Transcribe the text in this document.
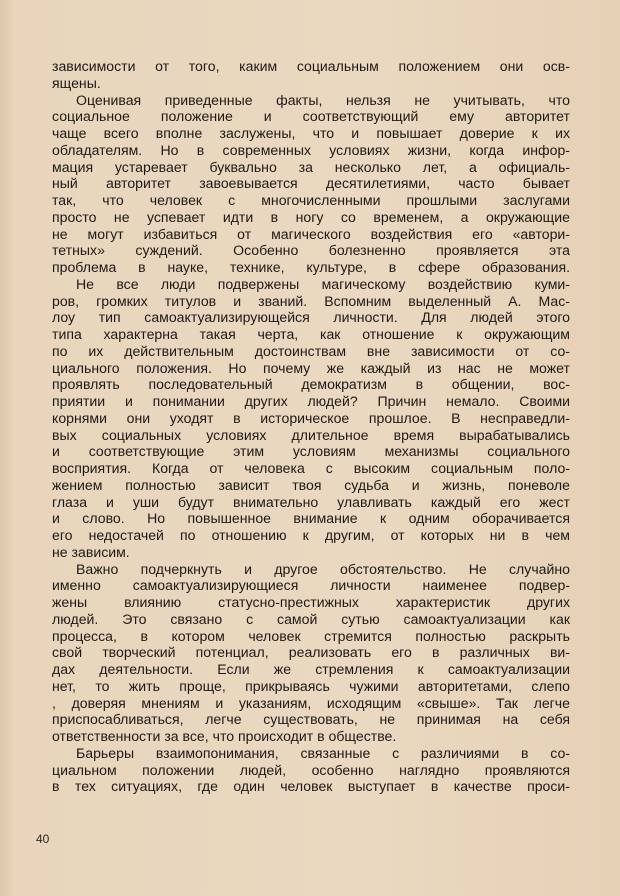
зависимости от того, каким социальным положением они осв-
ящены.
Оценивая приведенные факты, нельзя не учитывать, что
социальное положение и соответствующий ему авторитет
чаще всего вполне заслужены, что и повышает доверие к их
обладателям. Но в современных условиях жизни, когда инфор-
мация устаревает буквально за несколько лет, а официаль-
ный авторитет завоевывается десятилетиями, часто бывает
так, что человек с многочисленными прошлыми заслугами
просто не успевает идти в ногу со временем, а окружающие
не могут избавиться от магического воздействия его «автори-
тетных» суждений. Особенно болезненно проявляется эта
проблема в науке, технике, культуре, в сфере образования.
Не все люди подвержены магическому воздействию куми-
ров, громких титулов и званий. Вспомним выделенный А. Мас-
лоу тип самоактуализирующейся личности. Для людей этого
типа характерна такая черта, как отношение к окружающим
по их действительным достоинствам вне зависимости от со-
циального положения. Но почему же каждый из нас не может
проявлять последовательный демократизм в общении, вос-
приятии и понимании других людей? Причин немало. Своими
корнями они уходят в историческое прошлое. В несправедли-
вых социальных условиях длительное время вырабатывались
и соответствующие этим условиям механизмы социального
восприятия. Когда от человека с высоким социальным поло-
жением полностью зависит твоя судьба и жизнь, поневоле
глаза и уши будут внимательно улавливать каждый его жест
и слово. Но повышенное внимание к одним оборачивается
его недостачей по отношению к другим, от которых ни в чем
не зависим.
Важно подчеркнуть и другое обстоятельство. Не случайно
именно самоактуализирующиеся личности наименее подвер-
жены влиянию статусно-престижных характеристик других
людей. Это связано с самой сутью самоактуализации как
процесса, в котором человек стремится полностью раскрыть
свой творческий потенциал, реализовать его в различных ви-
дах деятельности. Если же стремления к самоактуализации
нет, то жить проще, прикрываясь чужими авторитетами, слепо
, доверяя мнениям и указаниям, исходящим «свыше». Так легче
приспосабливаться, легче существовать, не принимая на себя
ответственности за все, что происходит в обществе.
Барьеры взаимопонимания, связанные с различиями в со-
циальном положении людей, особенно наглядно проявляются
в тех ситуациях, где один человек выступает в качестве проси-
40
